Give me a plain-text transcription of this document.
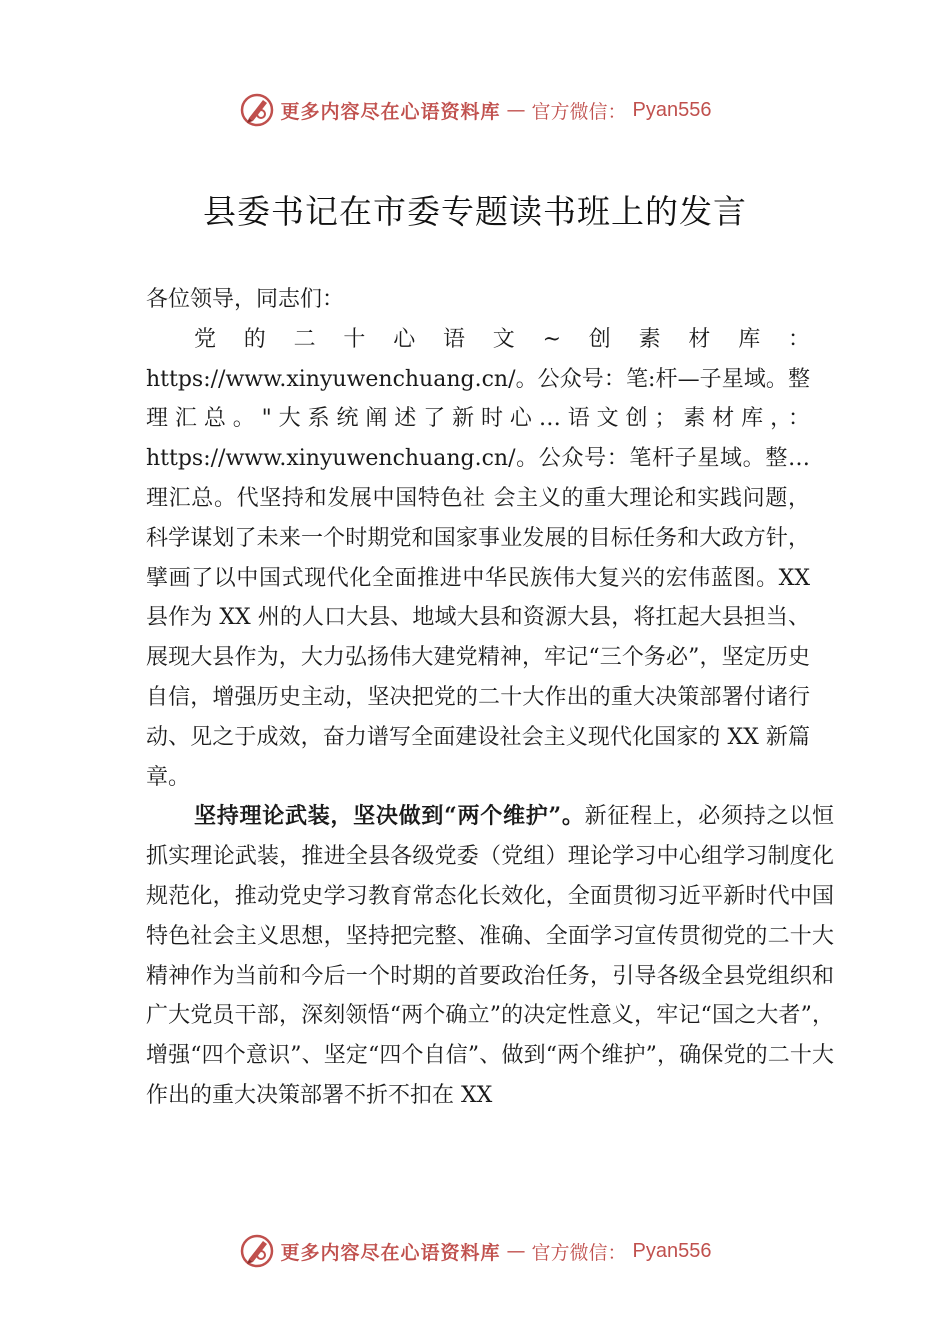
更多内容尽在心语资料库 — 官方微信： Pyan556
县委书记在市委专题读书班上的发言

各位领导，同志们：

党的二十心语文~创素材库：https://www.xinyuwenchuang.cn/。公众号：笔:杆—子星域。整理汇总。"大系统阐述了新时心…语文创；素材库，：https://www.xinyuwenchuang.cn/。公众号：笔杆子星域。整…理汇总。代坚持和发展中国特色社 会主义的重大理论和实践问题，科学谋划了未来一个时期党和国家事业发展的目标任务和大政方针，擘画了以中国式现代化全面推进中华民族伟大复兴的宏伟蓝图。XX 县作为 XX 州的人口大县、地域大县和资源大县，将扛起大县担当、展现大县作为，大力弘扬伟大建党精神，牢记“三个务必”，坚定历史自信，增强历史主动，坚决把党的二十大作出的重大决策部署付诸行动、见之于成效，奋力谱写全面建设社会主义现代化国家的 XX 新篇章。

坚持理论武装，坚决做到“两个维护”。新征程上，必须持之以恒抓实理论武装，推进全县各级党委（党组）理论学习中心组学习制度化规范化，推动党史学习教育常态化长效化，全面贯彻习近平新时代中国特色社会主义思想，坚持把完整、准确、全面学习宣传贯彻党的二十大精神作为当前和今后一个时期的首要政治任务，引导各级全县党组织和广大党员干部，深刻领悟“两个确立”的决定性意义，牢记“国之大者”，增强“四个意识”、坚定“四个自信”、做到“两个维护”，确保党的二十大作出的重大决策部署不折不扣在 XX

更多内容尽在心语资料库 — 官方微信： Pyan556
